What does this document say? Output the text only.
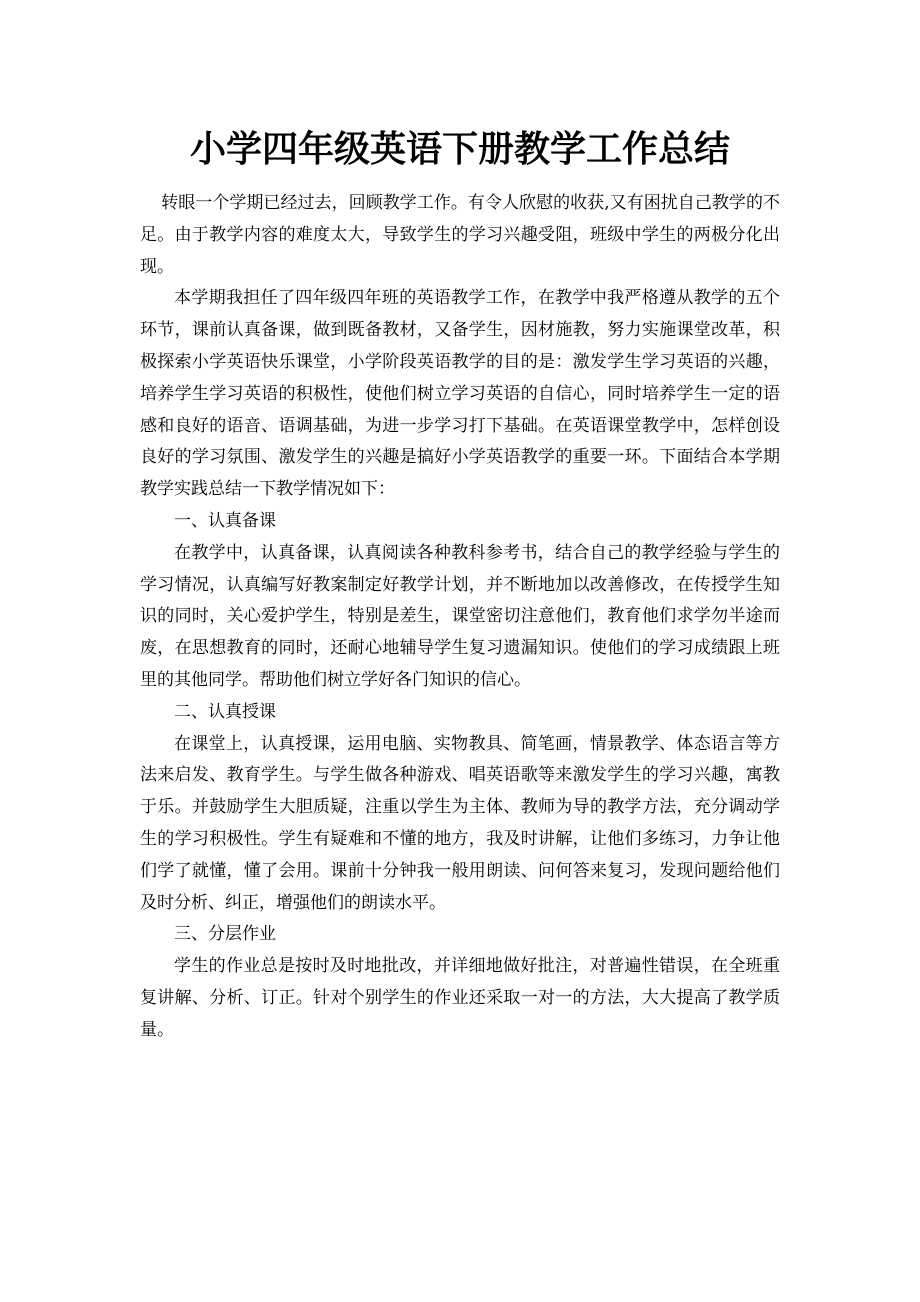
小学四年级英语下册教学工作总结

转眼一个学期已经过去，回顾教学工作。有令人欣慰的收获,又有困扰自己教学的不足。由于教学内容的难度太大，导致学生的学习兴趣受阻，班级中学生的两极分化出现。

本学期我担任了四年级四年班的英语教学工作，在教学中我严格遵从教学的五个环节，课前认真备课，做到既备教材，又备学生，因材施教，努力实施课堂改革，积极探索小学英语快乐课堂，小学阶段英语教学的目的是：激发学生学习英语的兴趣，培养学生学习英语的积极性，使他们树立学习英语的自信心，同时培养学生一定的语感和良好的语音、语调基础，为进一步学习打下基础。在英语课堂教学中，怎样创设良好的学习氛围、激发学生的兴趣是搞好小学英语教学的重要一环。下面结合本学期教学实践总结一下教学情况如下：

一、认真备课

在教学中，认真备课，认真阅读各种教科参考书，结合自己的教学经验与学生的学习情况，认真编写好教案制定好教学计划，并不断地加以改善修改，在传授学生知识的同时，关心爱护学生，特别是差生，课堂密切注意他们，教育他们求学勿半途而废，在思想教育的同时，还耐心地辅导学生复习遗漏知识。使他们的学习成绩跟上班里的其他同学。帮助他们树立学好各门知识的信心。

二、认真授课

在课堂上，认真授课，运用电脑、实物教具、简笔画，情景教学、体态语言等方法来启发、教育学生。与学生做各种游戏、唱英语歌等来激发学生的学习兴趣，寓教于乐。并鼓励学生大胆质疑，注重以学生为主体、教师为导的教学方法，充分调动学生的学习积极性。学生有疑难和不懂的地方，我及时讲解，让他们多练习，力争让他们学了就懂，懂了会用。课前十分钟我一般用朗读、问何答来复习，发现问题给他们及时分析、纠正，增强他们的朗读水平。

三、分层作业

学生的作业总是按时及时地批改，并详细地做好批注，对普遍性错误，在全班重复讲解、分析、订正。针对个别学生的作业还采取一对一的方法，大大提高了教学质量。
